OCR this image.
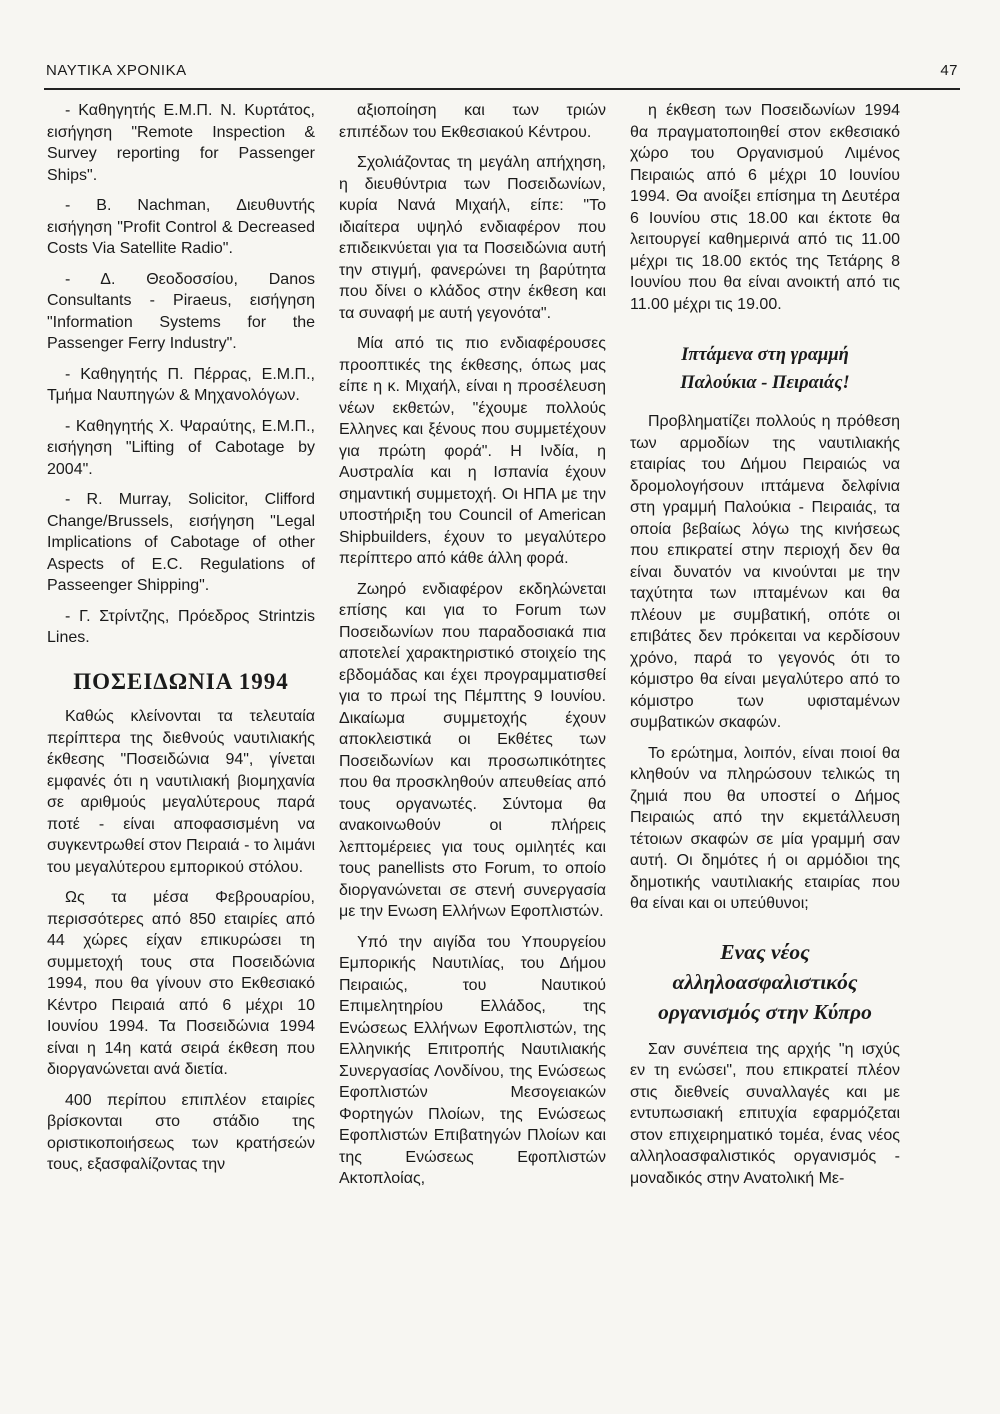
ΝΑΥΤΙΚΑ ΧΡΟΝΙΚΑ	47

- Καθηγητής Ε.Μ.Π. Ν. Κυρτάτος, εισήγηση "Remote Inspection & Survey reporting for Passenger Ships".

- Β. Nachman, Διευθυντής εισήγηση "Profit Control & Decreased Costs Via Satellite Radio".

- Δ. Θεοδοσσίου, Danos Consultants - Piraeus, εισήγηση "Information Systems for the Passenger Ferry Industry".

- Καθηγητής Π. Πέρρας, Ε.Μ.Π., Τμήμα Ναυπηγών & Μηχανολόγων.

- Καθηγητής Χ. Ψαραύτης, Ε.Μ.Π., εισήγηση "Lifting of Cabotage by 2004".

- R. Murray, Solicitor, Clifford Change/Brussels, εισήγηση "Legal Implications of Cabotage of other Aspects of E.C. Regulations of Passeenger Shipping".

- Γ. Στρίντζης, Πρόεδρος Strintzis Lines.

ΠΟΣΕΙΔΩΝΙΑ 1994

Καθώς κλείνονται τα τελευταία περίπτερα της διεθνούς ναυτιλιακής έκθεσης "Ποσειδώνια 94", γίνεται εμφανές ότι η ναυτιλιακή βιομηχανία σε αριθμούς μεγαλύτερους παρά ποτέ - είναι αποφασισμένη να συγκεντρωθεί στον Πειραιά - το λιμάνι του μεγαλύτερου εμπορικού στόλου.

Ως τα μέσα Φεβρουαρίου, περισσότερες από 850 εταιρίες από 44 χώρες είχαν επικυρώσει τη συμμετοχή τους στα Ποσειδώνια 1994, που θα γίνουν στο Εκθεσιακό Κέντρο Πειραιά από 6 μέχρι 10 Ιουνίου 1994. Τα Ποσειδώνια 1994 είναι η 14η κατά σειρά έκθεση που διοργανώνεται ανά διετία.

400 περίπου επιπλέον εταιρίες βρίσκονται στο στάδιο της οριστικοποιήσεως των κρατήσεών τους, εξασφαλίζοντας την

αξιοποίηση και των τριών επιπέδων του Εκθεσιακού Κέντρου.

Σχολιάζοντας τη μεγάλη απήχηση, η διευθύντρια των Ποσειδωνίων, κυρία Νανά Μιχαήλ, είπε: "Το ιδιαίτερα υψηλό ενδιαφέρον που επιδεικνύεται για τα Ποσειδώνια αυτή την στιγμή, φανερώνει τη βαρύτητα που δίνει ο κλάδος στην έκθεση και τα συναφή με αυτή γεγονότα".

Μία από τις πιο ενδιαφέρουσες προοπτικές της έκθεσης, όπως μας είπε η κ. Μιχαήλ, είναι η προσέλευση νέων εκθετών, "έχουμε πολλούς Ελληνες και ξένους που συμμετέχουν για πρώτη φορά". Η Ινδία, η Αυστραλία και η Ισπανία έχουν σημαντική συμμετοχή. Οι ΗΠΑ με την υποστήριξη του Council of American Shipbuilders, έχουν το μεγαλύτερο περίπτερο από κάθε άλλη φορά.

Ζωηρό ενδιαφέρον εκδηλώνεται επίσης και για το Forum των Ποσειδωνίων που παραδοσιακά πια αποτελεί χαρακτηριστικό στοιχείο της εβδομάδας και έχει προγραμματισθεί για το πρωί της Πέμπτης 9 Ιουνίου. Δικαίωμα συμμετοχής έχουν αποκλειστικά οι Εκθέτες των Ποσειδωνίων και προσωπικότητες που θα προσκληθούν απευθείας από τους οργανωτές. Σύντομα θα ανακοινωθούν οι πλήρεις λεπτομέρειες για τους ομιλητές και τους panellists στο Forum, το οποίο διοργανώνεται σε στενή συνεργασία με την Ενωση Ελλήνων Εφοπλιστών.

Υπό την αιγίδα του Υπουργείου Εμπορικής Ναυτιλίας, του Δήμου Πειραιώς, του Ναυτικού Επιμελητηρίου Ελλάδος, της Ενώσεως Ελλήνων Εφοπλιστών, της Ελληνικής Επιτροπής Ναυτιλιακής Συνεργασίας Λονδίνου, της Ενώσεως Εφοπλιστών Μεσογειακών Φορτηγών Πλοίων, της Ενώσεως Εφοπλιστών Επιβατηγών Πλοίων και της Ενώσεως Εφοπλιστών Ακτοπλοίας,

η έκθεση των Ποσειδωνίων 1994 θα πραγματοποιηθεί στον εκθεσιακό χώρο του Οργανισμού Λιμένος Πειραιώς από 6 μέχρι 10 Ιουνίου 1994. Θα ανοίξει επίσημα τη Δευτέρα 6 Ιουνίου στις 18.00 και έκτοτε θα λειτουργεί καθημερινά από τις 11.00 μέχρι τις 18.00 εκτός της Τετάρης 8 Ιουνίου που θα είναι ανοικτή από τις 11.00 μέχρι τις 19.00.

Ιπτάμενα στη γραμμή
Παλούκια - Πειραιάς!

Προβληματίζει πολλούς η πρόθεση των αρμοδίων της ναυτιλιακής εταιρίας του Δήμου Πειραιώς να δρομολογήσουν ιπτάμενα δελφίνια στη γραμμή Παλούκια - Πειραιάς, τα οποία βεβαίως λόγω της κινήσεως που επικρατεί στην περιοχή δεν θα είναι δυνατόν να κινούνται με την ταχύτητα των ιπταμένων και θα πλέουν με συμβατική, οπότε οι επιβάτες δεν πρόκειται να κερδίσουν χρόνο, παρά το γεγονός ότι το κόμιστρο θα είναι μεγαλύτερο από το κόμιστρο των υφισταμένων συμβατικών σκαφών.

Το ερώτημα, λοιπόν, είναι ποιοί θα κληθούν να πληρώσουν τελικώς τη ζημιά που θα υποστεί ο Δήμος Πειραιώς από την εκμετάλλευση τέτοιων σκαφών σε μία γραμμή σαν αυτή. Οι δημότες ή οι αρμόδιοι της δημοτικής ναυτιλιακής εταιρίας που θα είναι και οι υπεύθυνοι;

Ενας νέος
αλληλοασφαλιστικός
οργανισμός στην Κύπρο

Σαν συνέπεια της αρχής "η ισχύς εν τη ενώσει", που επικρατεί πλέον στις διεθνείς συναλλαγές και με εντυπωσιακή επιτυχία εφαρμόζεται στον επιχειρηματικό τομέα, ένας νέος αλληλοασφαλιστικός οργανισμός - μοναδικός στην Ανατολική Με-
